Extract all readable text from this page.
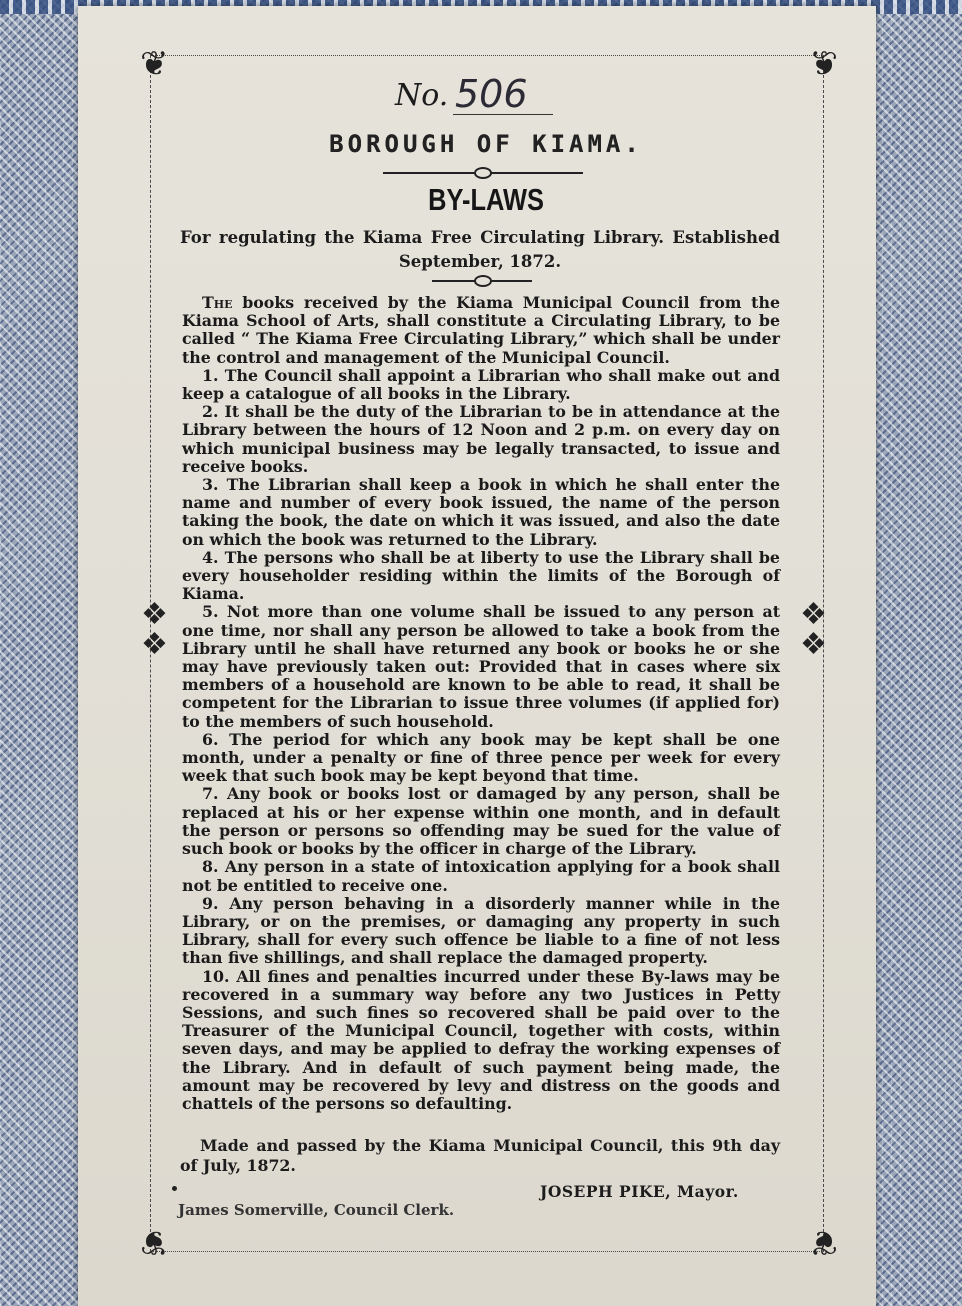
❦	❦
❦	❦
❖
❖
❖
❖
No. 506
BOROUGH OF KIAMA.
BY-LAWS
For regulating the Kiama Free Circulating Library. Established September, 1872.

The books received by the Kiama Municipal Council from the Kiama School of Arts, shall constitute a Circulating Library, to be called “ The Kiama Free Circulating Library,” which shall be under the control and management of the Municipal Council.

1. The Council shall appoint a Librarian who shall make out and keep a catalogue of all books in the Library.

2. It shall be the duty of the Librarian to be in attendance at the Library between the hours of 12 Noon and 2 p.m. on every day on which municipal business may be legally transacted, to issue and receive books.

3. The Librarian shall keep a book in which he shall enter the name and number of every book issued, the name of the person taking the book, the date on which it was issued, and also the date on which the book was returned to the Library.

4. The persons who shall be at liberty to use the Library shall be every householder residing within the limits of the Borough of Kiama.

5. Not more than one volume shall be issued to any person at one time, nor shall any person be allowed to take a book from the Library until he shall have returned any book or books he or she may have previously taken out: Provided that in cases where six members of a household are known to be able to read, it shall be competent for the Librarian to issue three volumes (if applied for) to the members of such household.

6. The period for which any book may be kept shall be one month, under a penalty or fine of three pence per week for every week that such book may be kept beyond that time.

7. Any book or books lost or damaged by any person, shall be replaced at his or her expense within one month, and in default the person or persons so offending may be sued for the value of such book or books by the officer in charge of the Library.

8. Any person in a state of intoxication applying for a book shall not be entitled to receive one.

9. Any person behaving in a disorderly manner while in the Library, or on the premises, or damaging any property in such Library, shall for every such offence be liable to a fine of not less than five shillings, and shall replace the damaged property.

10. All fines and penalties incurred under these By-laws may be recovered in a summary way before any two Justices in Petty Sessions, and such fines so recovered shall be paid over to the Treasurer of the Municipal Council, together with costs, within seven days, and may be applied to defray the working expenses of the Library. And in default of such payment being made, the amount may be recovered by levy and distress on the goods and chattels of the persons so defaulting.

Made and passed by the Kiama Municipal Council, this 9th day of July, 1872.
JOSEPH PIKE, Mayor.
James Somerville, Council Clerk.
